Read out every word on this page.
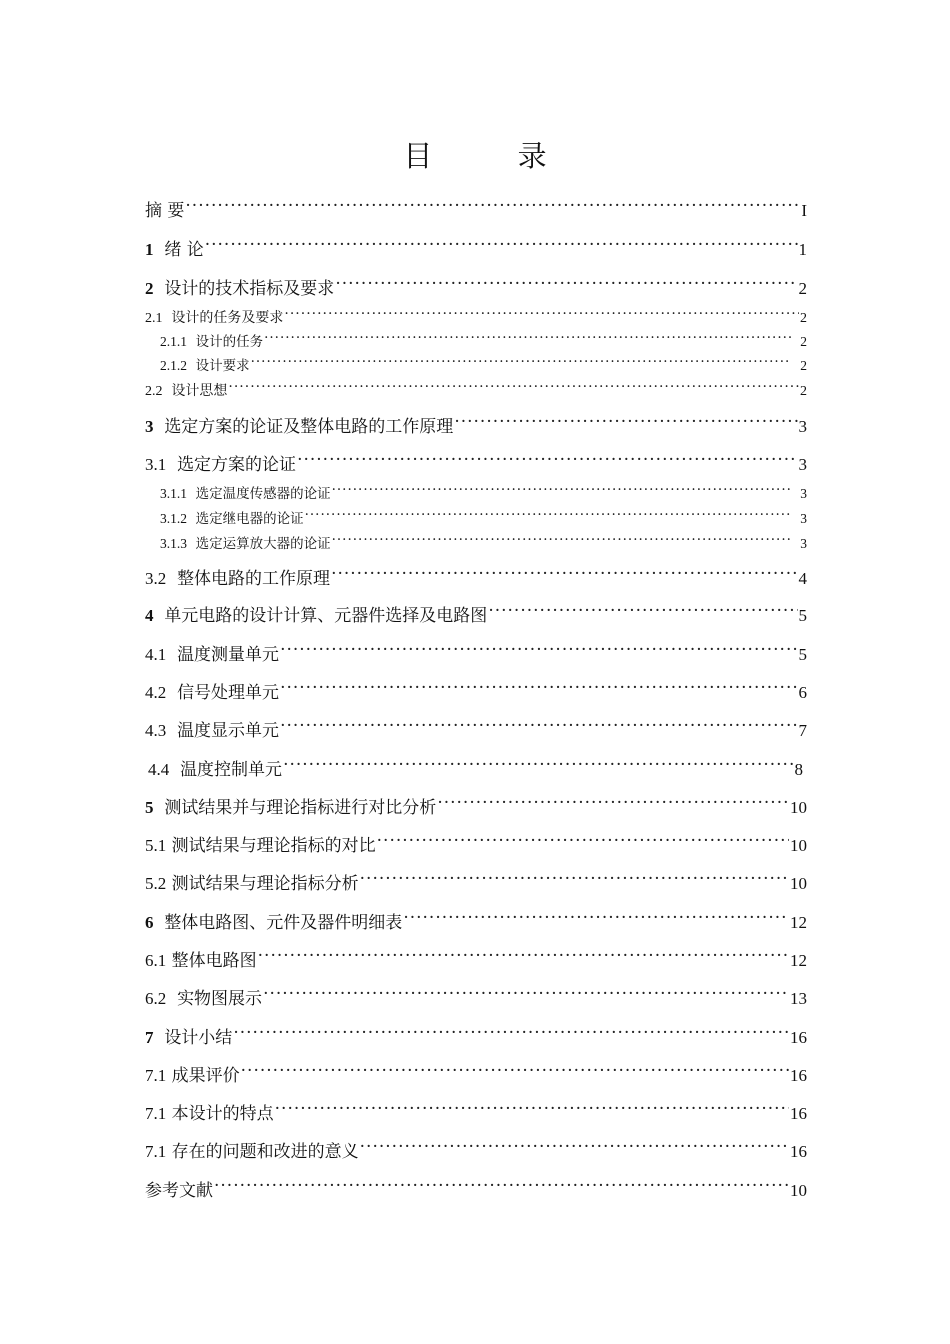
目 录
摘 要 ·····	I
1 绪 论 ·····	1
2 设计的技术指标及要求 ·····	2
2.1 设计的任务及要求 ·····	2
2.1.1 设计的任务 ·····	2
2.1.2 设计要求 ·····	2
2.2 设计思想 ·····	2
3 选定方案的论证及整体电路的工作原理 ·····	3
3.1 选定方案的论证 ·····	3
3.1.1 选定温度传感器的论证 ·····	3
3.1.2 选定继电器的论证 ·····	3
3.1.3 选定运算放大器的论证 ·····	3
3.2 整体电路的工作原理 ·····	4
4 单元电路的设计计算、元器件选择及电路图 ·····	5
4.1 温度测量单元 ·····	5
4.2 信号处理单元 ·····	6
4.3 温度显示单元 ·····	7
4.4 温度控制单元 ·····	8
5 测试结果并与理论指标进行对比分析 ·····	10
5.1 测试结果与理论指标的对比 ·····	10
5.2 测试结果与理论指标分析 ·····	10
6 整体电路图、元件及器件明细表 ·····	12
6.1 整体电路图 ·····	12
6.2 实物图展示 ·····	13
7 设计小结 ·····	16
7.1 成果评价 ·····	16
7.1 本设计的特点 ·····	16
7.1 存在的问题和改进的意义 ·····	16
参考文献 ·····	10
